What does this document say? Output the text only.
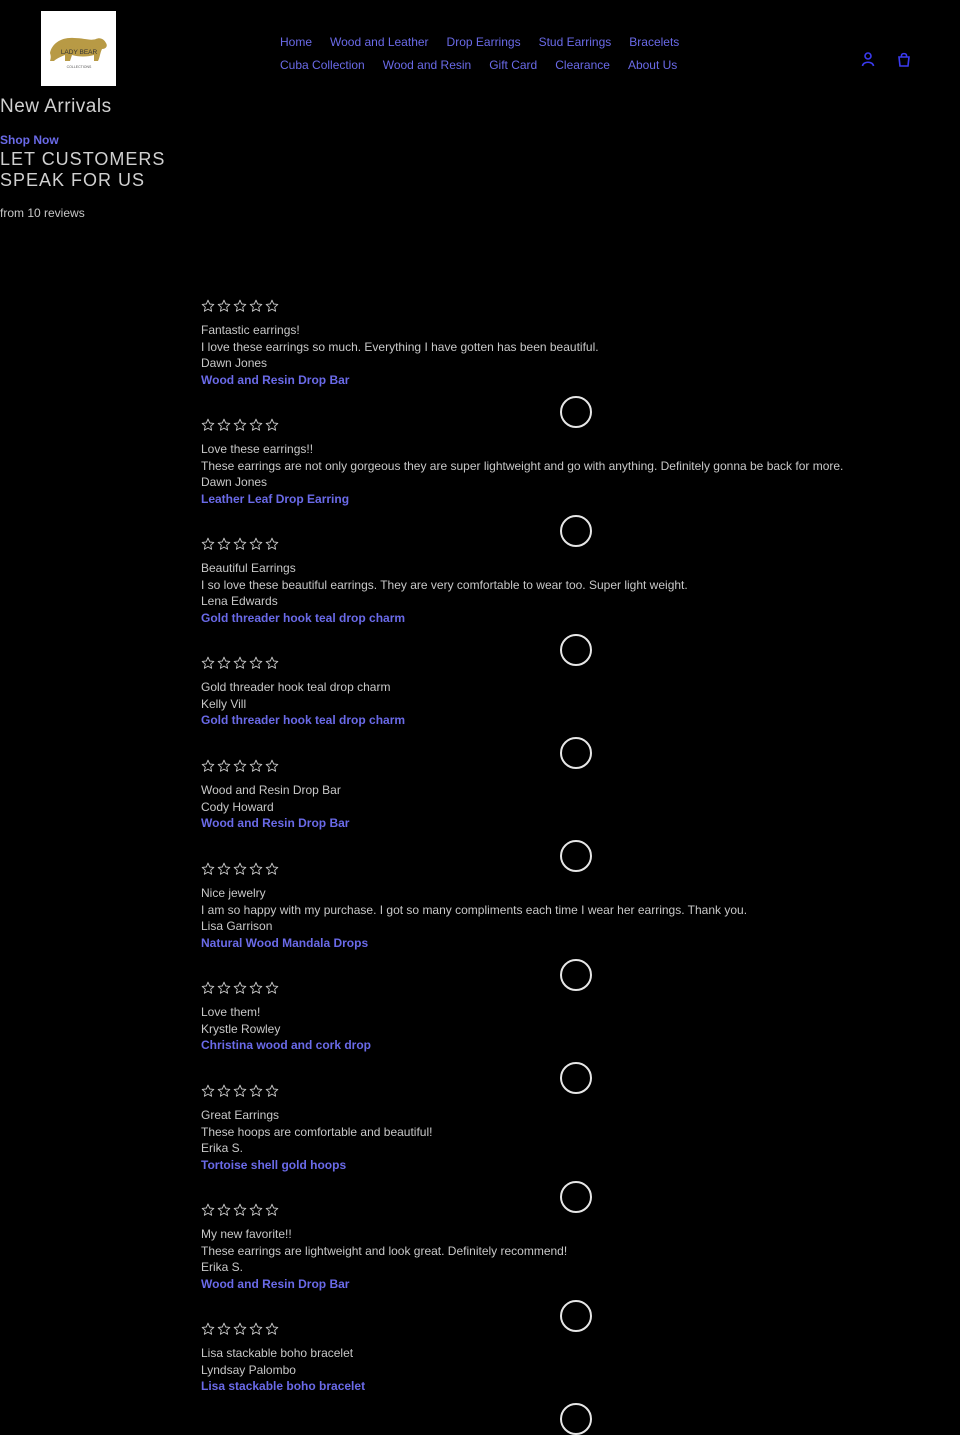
LADY BEAR
COLLECTIONS
Home Wood and Leather Drop Earrings Stud Earrings Bracelets
Cuba Collection Wood and Resin Gift Card Clearance About Us
New Arrivals
Shop Now
LET CUSTOMERS SPEAK FOR US
from 10 reviews
Fantastic earrings!
I love these earrings so much. Everything I have gotten has been beautiful.
Dawn Jones
Wood and Resin Drop Bar
Love these earrings!!
These earrings are not only gorgeous they are super lightweight and go with anything. Definitely gonna be back for more.
Dawn Jones
Leather Leaf Drop Earring
Beautiful Earrings
I so love these beautiful earrings. They are very comfortable to wear too. Super light weight.
Lena Edwards
Gold threader hook teal drop charm
Gold threader hook teal drop charm
Kelly Vill
Gold threader hook teal drop charm
Wood and Resin Drop Bar
Cody Howard
Wood and Resin Drop Bar
Nice jewelry
I am so happy with my purchase. I got so many compliments each time I wear her earrings. Thank you.
Lisa Garrison
Natural Wood Mandala Drops
Love them!
Krystle Rowley
Christina wood and cork drop
Great Earrings
These hoops are comfortable and beautiful!
Erika S.
Tortoise shell gold hoops
My new favorite!!
These earrings are lightweight and look great. Definitely recommend!
Erika S.
Wood and Resin Drop Bar
Lisa stackable boho bracelet
Lyndsay Palombo
Lisa stackable boho bracelet
